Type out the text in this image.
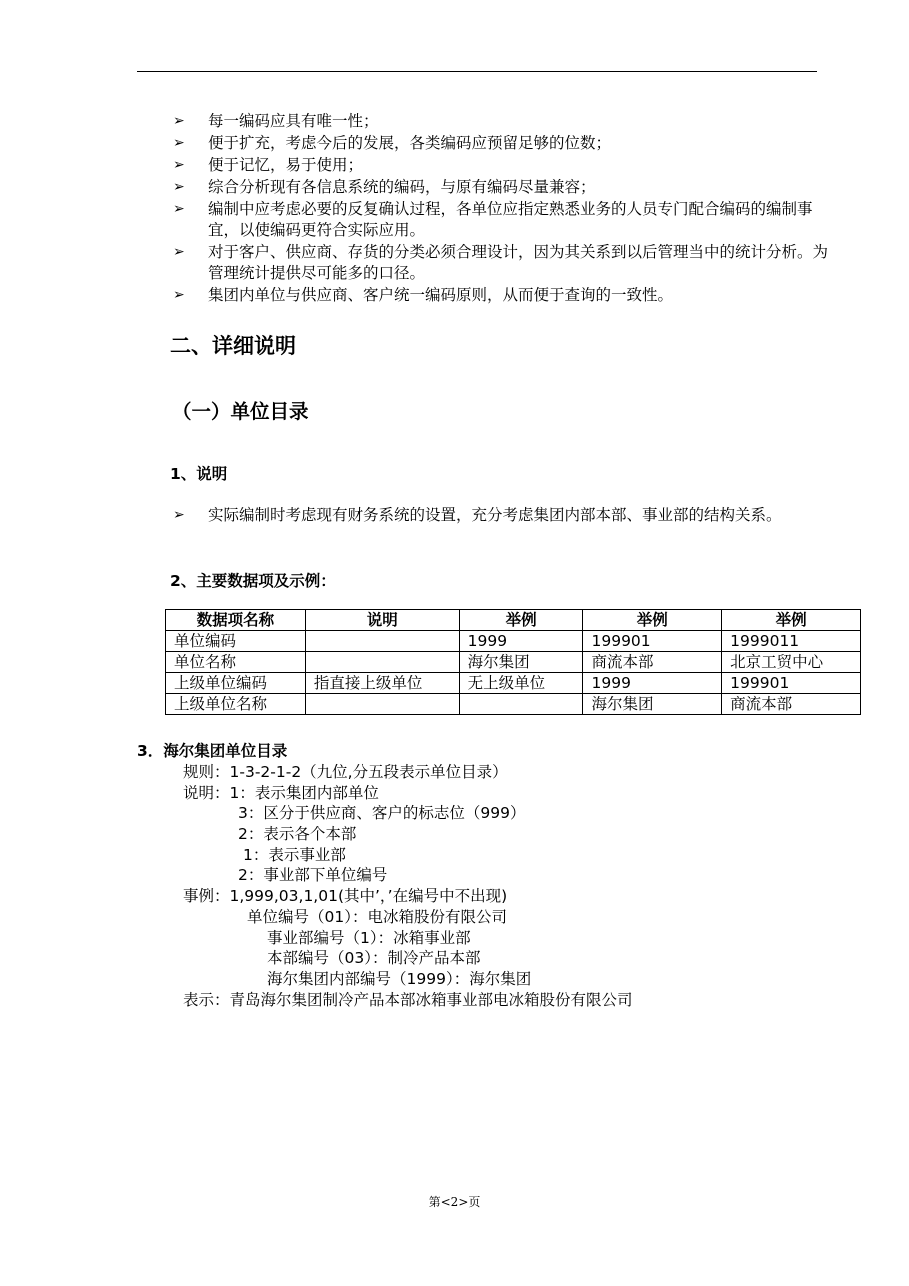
➢ 每一编码应具有唯一性；
➢ 便于扩充，考虑今后的发展，各类编码应预留足够的位数；
➢ 便于记忆，易于使用；
➢ 综合分析现有各信息系统的编码，与原有编码尽量兼容；
➢ 编制中应考虑必要的反复确认过程，各单位应指定熟悉业务的人员专门配合编码的编制事宜，以使编码更符合实际应用。
➢ 对于客户、供应商、存货的分类必须合理设计，因为其关系到以后管理当中的统计分析。为管理统计提供尽可能多的口径。
➢ 集团内单位与供应商、客户统一编码原则，从而便于查询的一致性。
二、详细说明
（一）单位目录
1、说明
➢ 实际编制时考虑现有财务系统的设置，充分考虑集团内部本部、事业部的结构关系。
2、主要数据项及示例：
数据项名称	说明	举例	举例	举例
单位编码		1999	199901	1999011
单位名称		海尔集团	商流本部	北京工贸中心
上级单位编码	指直接上级单位	无上级单位	1999	199901
上级单位名称			海尔集团	商流本部
3．海尔集团单位目录
规则：1-3-2-1-2（九位,分五段表示单位目录）
说明：1：表示集团内部单位
3：区分于供应商、客户的标志位（999）
2：表示各个本部
1：表示事业部
2：事业部下单位编号
事例：1,999,03,1,01(其中’，’在编号中不出现)
单位编号（01）：电冰箱股份有限公司
事业部编号（1）：冰箱事业部
本部编号（03）：制冷产品本部
海尔集团内部编号（1999）：海尔集团
表示：青岛海尔集团制冷产品本部冰箱事业部电冰箱股份有限公司
第<2>页
